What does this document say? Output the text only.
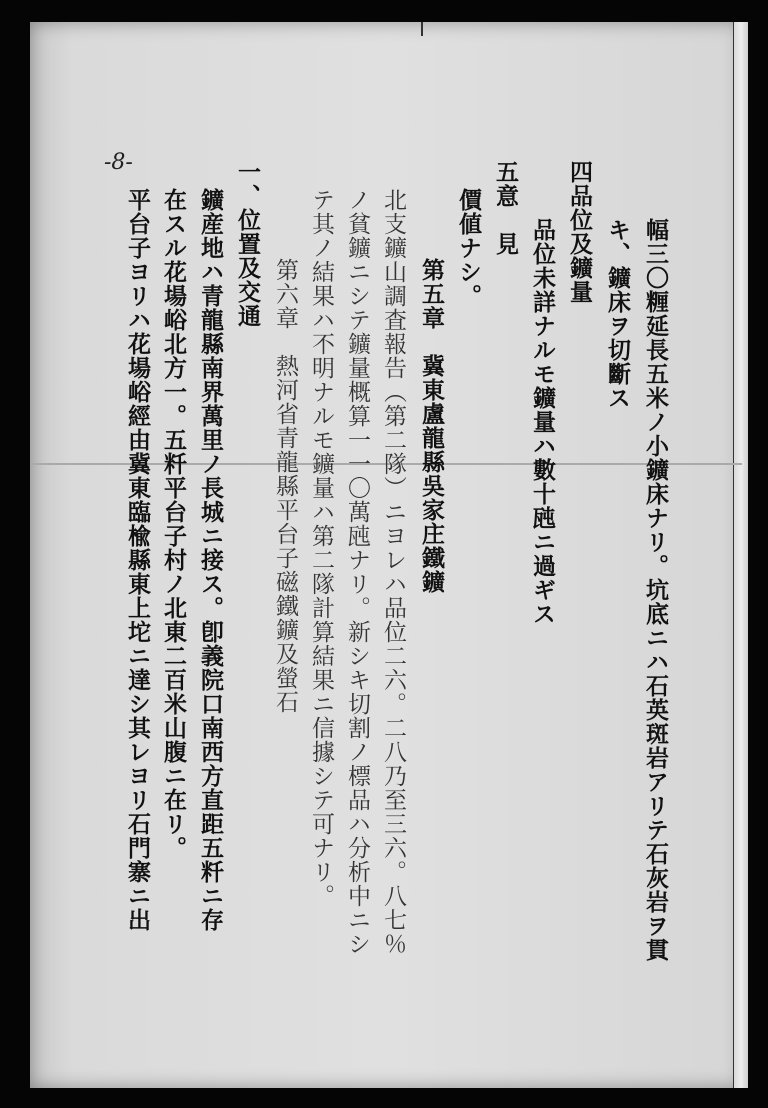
-8-
幅三〇糎延長五米ノ小鑛床ナリ。坑底ニハ石英斑岩アリテ石灰岩ヲ貫
キ、鑛床ヲ切斷ス
四品位及鑛量
品位未詳ナルモ鑛量ハ數十瓲ニ過ギス
五意　見
價値ナシ。
第五章　冀東盧龍縣吳家庄鐵鑛
北支鑛山調査報告（第二隊）ニヨレハ品位二六。二八乃至三六。八七％
ノ貧鑛ニシテ鑛量概算一一〇萬瓲ナリ。新シキ切割ノ標品ハ分析中ニシ
テ其ノ結果ハ不明ナルモ鑛量ハ第二隊計算結果ニ信據シテ可ナリ。
第六章　熱河省青龍縣平台子磁鐵鑛及螢石
一、位置及交通
鑛産地ハ青龍縣南界萬里ノ長城ニ接ス。卽義院口南西方直距五粁ニ存
在スル花場峪北方一。五粁平台子村ノ北東二百米山腹ニ在リ。
平台子ヨリハ花場峪經由冀東臨楡縣東上坨ニ達シ其レヨリ石門寨ニ出
